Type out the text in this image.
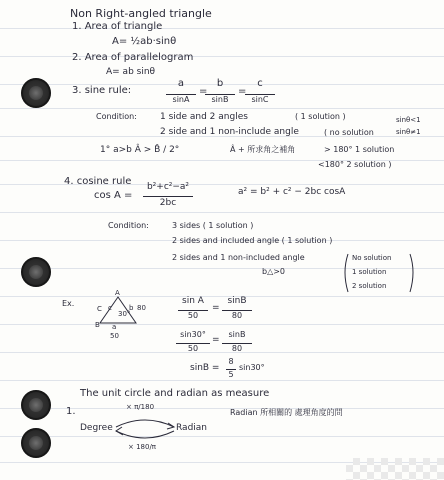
Non Right-angled triangle
1. Area of triangle
A= ½ab·sinθ
2. Area of parallelogram
A= ab sinθ
3. sine rule:
a
sinA
=
b
sinB
=
c
sinC
Condition:	1 side and 2 angles	( 1 solution )	sinθ<1
sinθ≠1
2 side and 1 non-include angle	( no solution
1° a>b Â > B̂ / 2°	Â + 所求角之補角	> 180° 1 solution
<180° 2 solution )
4. cosine rule
cos A =
b²+c²−a²
2bc
a² = b² + c² − 2bc cosA
Condition:	3 sides ( 1 solution )
2 sides and included angle ( 1 solution )
2 sides and 1 non-included angle
b△>0
No solution
1 solution
2 solution
Ex.
A
B
C c b 80
a
50
30°
sin A
50
=
sinB
80
sin30°
50
=
sinB
80
sinB =
8
5
sin30°
The unit circle and radian as measure
1.	Radian 所相關的 處理角度的問
× π/180
Degree	Radian
× 180/π
